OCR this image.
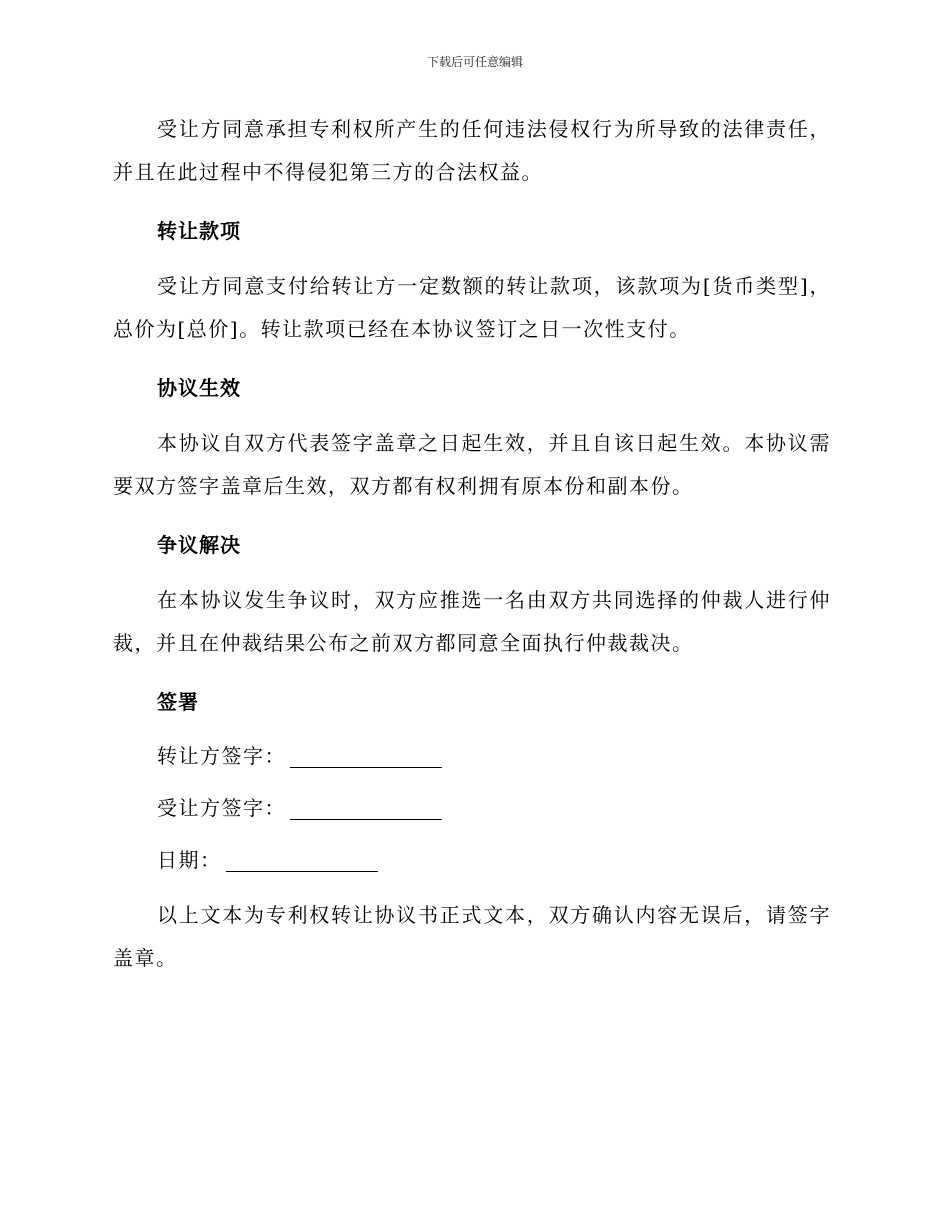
下载后可任意编辑

受让方同意承担专利权所产生的任何违法侵权行为所导致的法律责任，并且在此过程中不得侵犯第三方的合法权益。

转让款项

受让方同意支付给转让方一定数额的转让款项，该款项为[货币类型]，总价为[总价]。转让款项已经在本协议签订之日一次性支付。

协议生效

本协议自双方代表签字盖章之日起生效，并且自该日起生效。本协议需要双方签字盖章后生效，双方都有权利拥有原本份和副本份。

争议解决

在本协议发生争议时，双方应推选一名由双方共同选择的仲裁人进行仲裁，并且在仲裁结果公布之前双方都同意全面执行仲裁裁决。

签署
转让方签字：
受让方签字：
日期：

以上文本为专利权转让协议书正式文本，双方确认内容无误后，请签字盖章。
